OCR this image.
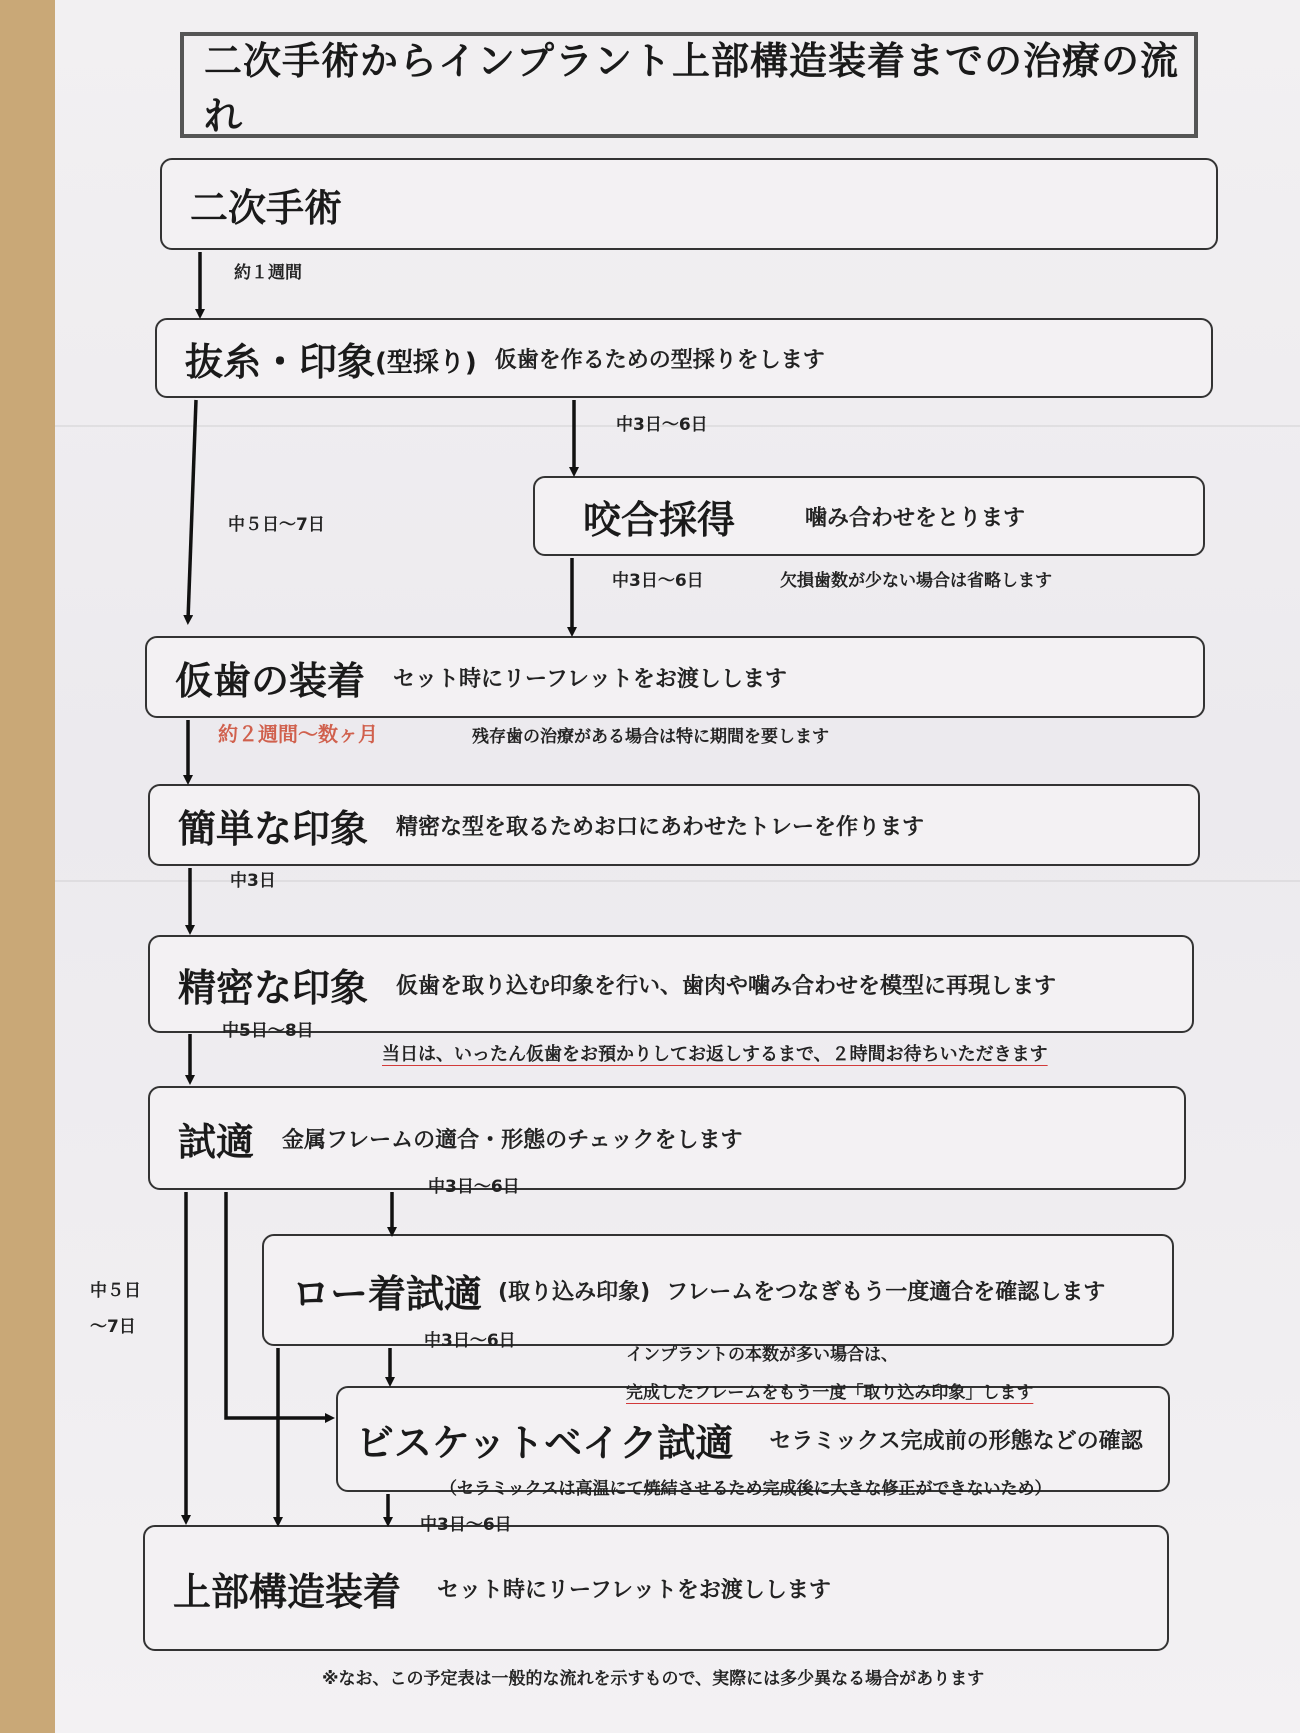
二次手術からインプラント上部構造装着までの治療の流れ
二次手術
抜糸・印象 (型採り) 仮歯を作るための型採りをします
咬合採得	噛み合わせをとります
仮歯の装着 セット時にリーフレットをお渡しします
簡単な印象 精密な型を取るためお口にあわせたトレーを作ります
精密な印象 仮歯を取り込む印象を行い、歯肉や噛み合わせを模型に再現します
試適 金属フレームの適合・形態のチェックをします
ロー着試適 (取り込み印象) フレームをつなぎもう一度適合を確認します
ビスケットベイク試適 セラミックス完成前の形態などの確認
上部構造装着 セット時にリーフレットをお渡しします
約１週間
中3日～6日
中５日～7日
中3日～6日	欠損歯数が少ない場合は省略します
約２週間～数ヶ月	残存歯の治療がある場合は特に期間を要します
中3日
中5日～8日
当日は、いったん仮歯をお預かりしてお返しするまで、２時間お待ちいただきます
中3日～6日
中５日
～7日
中3日～6日
インプラントの本数が多い場合は、
完成したフレームをもう一度「取り込み印象」します
（セラミックスは高温にて焼結させるため完成後に大きな修正ができないため）
中3日～6日
※なお、この予定表は一般的な流れを示すもので、実際には多少異なる場合があります
